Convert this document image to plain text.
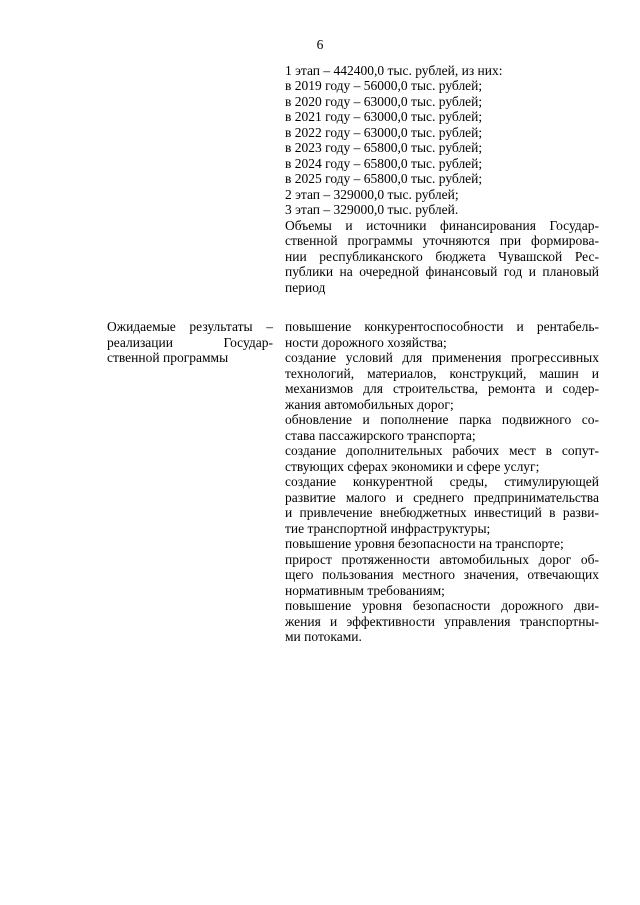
6
1 этап – 442400,0 тыс. рублей, из них:
в 2019 году – 56000,0 тыс. рублей;
в 2020 году – 63000,0 тыс. рублей;
в 2021 году – 63000,0 тыс. рублей;
в 2022 году – 63000,0 тыс. рублей;
в 2023 году – 65800,0 тыс. рублей;
в 2024 году – 65800,0 тыс. рублей;
в 2025 году – 65800,0 тыс. рублей;
2 этап – 329000,0 тыс. рублей;
3 этап – 329000,0 тыс. рублей.
Объемы и источники финансирования Государ-
ственной программы уточняются при формирова-
нии республиканского бюджета Чувашской Рес-
публики на очередной финансовый год и плановый
период
Ожидаемые результаты –
реализации Государ-
ственной программы
повышение конкурентоспособности и рентабель-
ности дорожного хозяйства;
создание условий для применения прогрессивных
технологий, материалов, конструкций, машин и
механизмов для строительства, ремонта и содер-
жания автомобильных дорог;
обновление и пополнение парка подвижного со-
става пассажирского транспорта;
создание дополнительных рабочих мест в сопут-
ствующих сферах экономики и сфере услуг;
создание конкурентной среды, стимулирующей
развитие малого и среднего предпринимательства
и привлечение внебюджетных инвестиций в разви-
тие транспортной инфраструктуры;
повышение уровня безопасности на транспорте;
прирост протяженности автомобильных дорог об-
щего пользования местного значения, отвечающих
нормативным требованиям;
повышение уровня безопасности дорожного дви-
жения и эффективности управления транспортны-
ми потоками.
